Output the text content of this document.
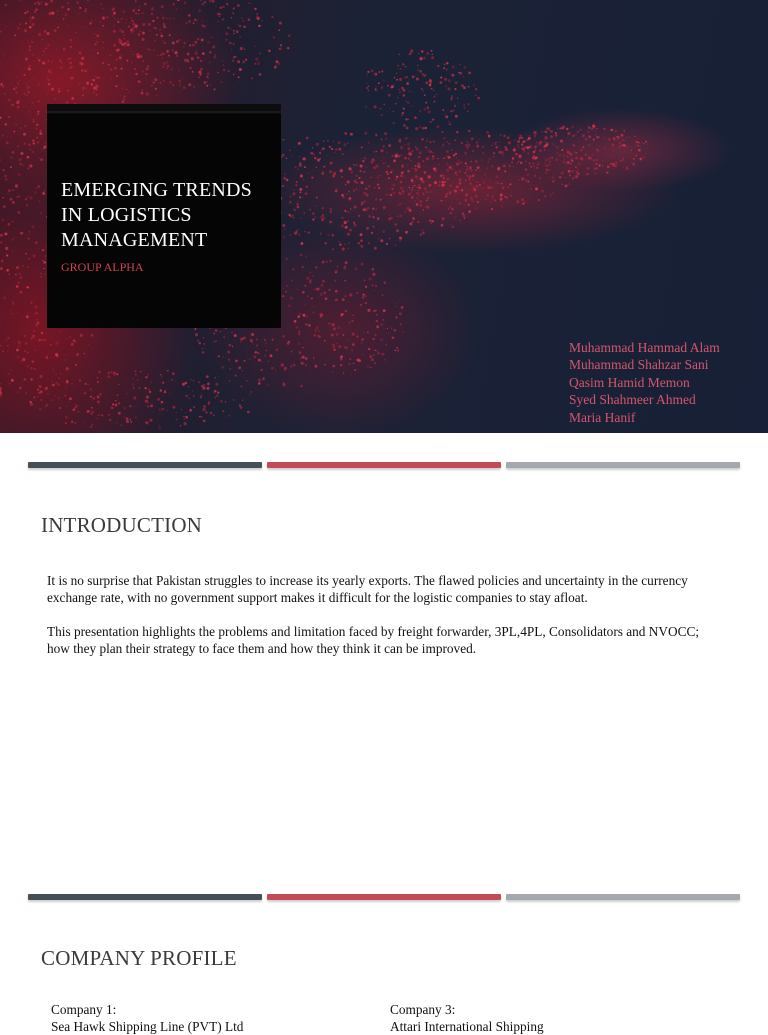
EMERGING TRENDS
IN LOGISTICS
MANAGEMENT
GROUP ALPHA
Muhammad Hammad Alam
Muhammad Shahzar Sani
Qasim Hamid Memon
Syed Shahmeer Ahmed
Maria Hanif
INTRODUCTION
It is no surprise that Pakistan struggles to increase its yearly exports. The flawed policies and uncertainty in the currency exchange rate, with no government support makes it difficult for the logistic companies to stay afloat.
This presentation highlights the problems and limitation faced by freight forwarder, 3PL,4PL, Consolidators and NVOCC; how they plan their strategy to face them and how they think it can be improved.
COMPANY PROFILE
Company 1:
Sea Hawk Shipping Line (PVT) Ltd
Company 3:
Attari International Shipping
